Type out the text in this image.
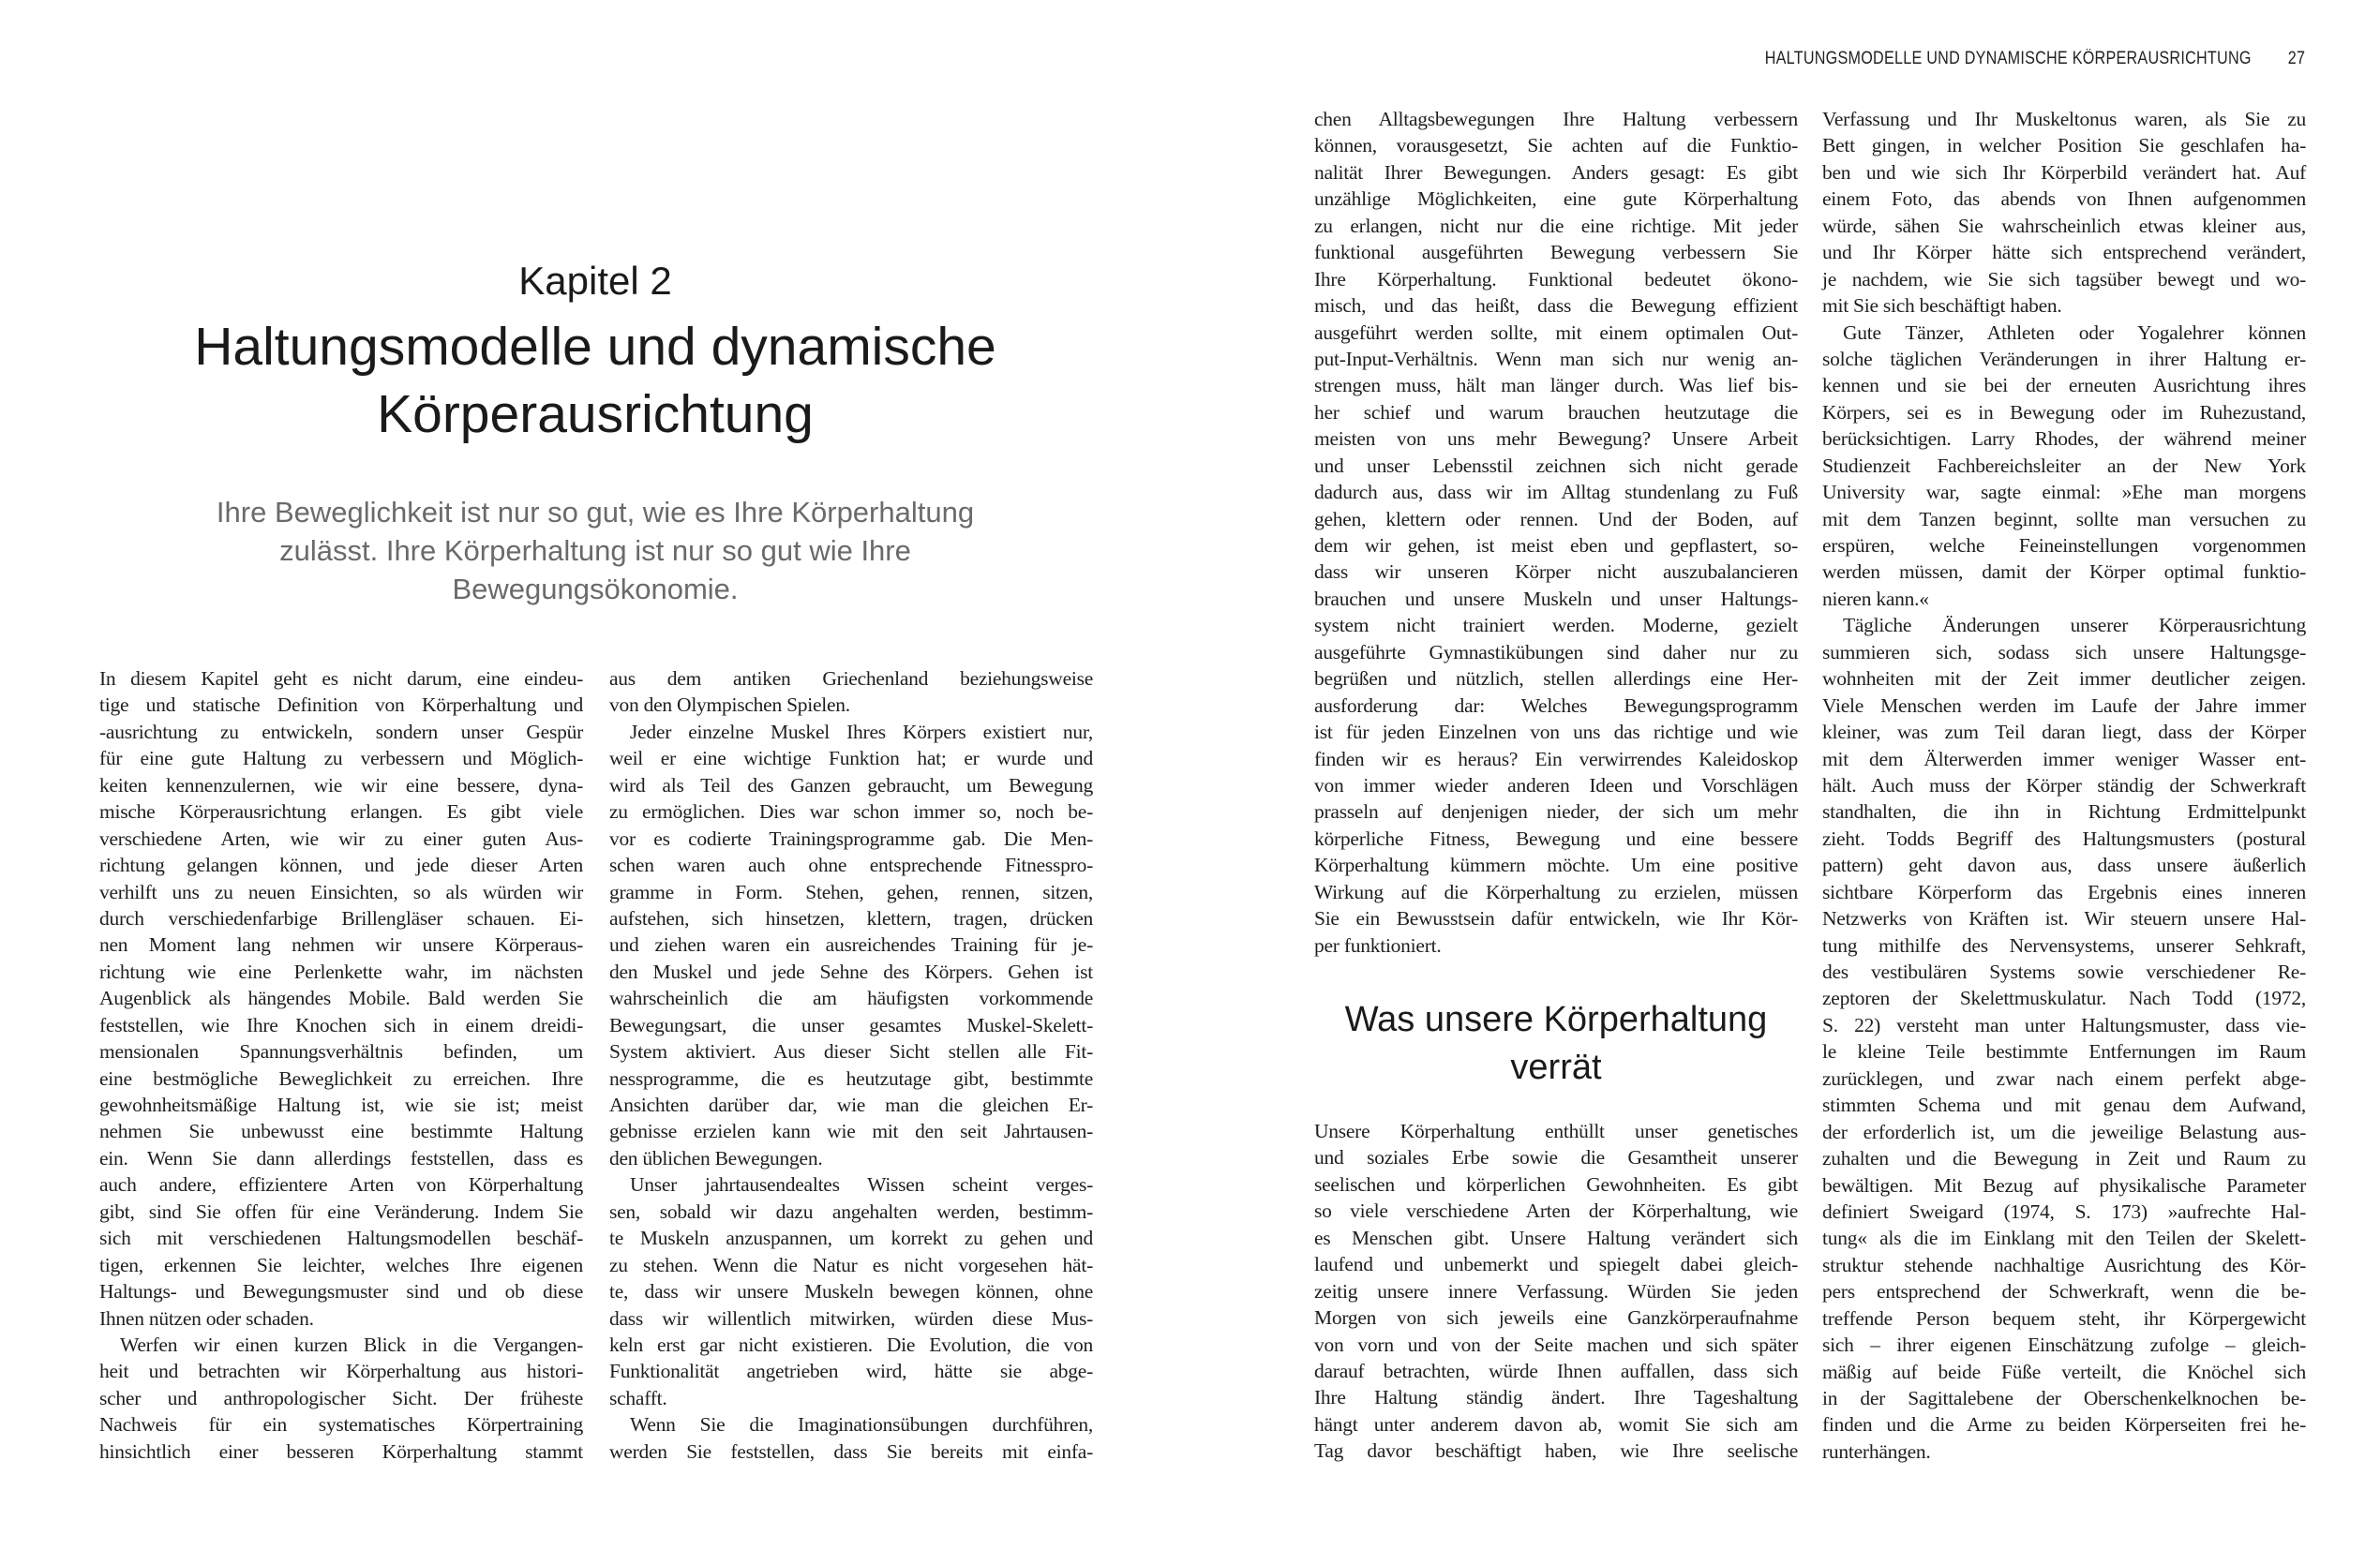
HALTUNGSMODELLE UND DYNAMISCHE KÖRPERAUSRICHTUNG 27
Kapitel 2
Haltungsmodelle und dynamische
Körperausrichtung
Ihre Beweglichkeit ist nur so gut, wie es Ihre Körperhaltung
zulässt. Ihre Körperhaltung ist nur so gut wie Ihre
Bewegungsökonomie.
In diesem Kapitel geht es nicht darum, eine eindeu-
tige und statische Definition von Körperhaltung und
-ausrichtung zu entwickeln, sondern unser Gespür
für eine gute Haltung zu verbessern und Möglich-
keiten kennenzulernen, wie wir eine bessere, dyna-
mische Körperausrichtung erlangen. Es gibt viele
verschiedene Arten, wie wir zu einer guten Aus-
richtung gelangen können, und jede dieser Arten
verhilft uns zu neuen Einsichten, so als würden wir
durch verschiedenfarbige Brillengläser schauen. Ei-
nen Moment lang nehmen wir unsere Körperaus-
richtung wie eine Perlenkette wahr, im nächsten
Augenblick als hängendes Mobile. Bald werden Sie
feststellen, wie Ihre Knochen sich in einem dreidi-
mensionalen Spannungsverhältnis befinden, um
eine bestmögliche Beweglichkeit zu erreichen. Ihre
gewohnheitsmäßige Haltung ist, wie sie ist; meist
nehmen Sie unbewusst eine bestimmte Haltung
ein. Wenn Sie dann allerdings feststellen, dass es
auch andere, effizientere Arten von Körperhaltung
gibt, sind Sie offen für eine Veränderung. Indem Sie
sich mit verschiedenen Haltungsmodellen beschäf-
tigen, erkennen Sie leichter, welches Ihre eigenen
Haltungs- und Bewegungsmuster sind und ob diese
Ihnen nützen oder schaden.
Werfen wir einen kurzen Blick in die Vergangen-
heit und betrachten wir Körperhaltung aus histori-
scher und anthropologischer Sicht. Der früheste
Nachweis für ein systematisches Körpertraining
hinsichtlich einer besseren Körperhaltung stammt
aus dem antiken Griechenland beziehungsweise
von den Olympischen Spielen.
Jeder einzelne Muskel Ihres Körpers existiert nur,
weil er eine wichtige Funktion hat; er wurde und
wird als Teil des Ganzen gebraucht, um Bewegung
zu ermöglichen. Dies war schon immer so, noch be-
vor es codierte Trainingsprogramme gab. Die Men-
schen waren auch ohne entsprechende Fitnesspro-
gramme in Form. Stehen, gehen, rennen, sitzen,
aufstehen, sich hinsetzen, klettern, tragen, drücken
und ziehen waren ein ausreichendes Training für je-
den Muskel und jede Sehne des Körpers. Gehen ist
wahrscheinlich die am häufigsten vorkommende
Bewegungsart, die unser gesamtes Muskel-Skelett-
System aktiviert. Aus dieser Sicht stellen alle Fit-
nessprogramme, die es heutzutage gibt, bestimmte
Ansichten darüber dar, wie man die gleichen Er-
gebnisse erzielen kann wie mit den seit Jahrtausen-
den üblichen Bewegungen.
Unser jahrtausendealtes Wissen scheint verges-
sen, sobald wir dazu angehalten werden, bestimm-
te Muskeln anzuspannen, um korrekt zu gehen und
zu stehen. Wenn die Natur es nicht vorgesehen hät-
te, dass wir unsere Muskeln bewegen können, ohne
dass wir willentlich mitwirken, würden diese Mus-
keln erst gar nicht existieren. Die Evolution, die von
Funktionalität angetrieben wird, hätte sie abge-
schafft.
Wenn Sie die Imaginationsübungen durchführen,
werden Sie feststellen, dass Sie bereits mit einfa-
chen Alltagsbewegungen Ihre Haltung verbessern
können, vorausgesetzt, Sie achten auf die Funktio-
nalität Ihrer Bewegungen. Anders gesagt: Es gibt
unzählige Möglichkeiten, eine gute Körperhaltung
zu erlangen, nicht nur die eine richtige. Mit jeder
funktional ausgeführten Bewegung verbessern Sie
Ihre Körperhaltung. Funktional bedeutet ökono-
misch, und das heißt, dass die Bewegung effizient
ausgeführt werden sollte, mit einem optimalen Out-
put-Input-Verhältnis. Wenn man sich nur wenig an-
strengen muss, hält man länger durch. Was lief bis-
her schief und warum brauchen heutzutage die
meisten von uns mehr Bewegung? Unsere Arbeit
und unser Lebensstil zeichnen sich nicht gerade
dadurch aus, dass wir im Alltag stundenlang zu Fuß
gehen, klettern oder rennen. Und der Boden, auf
dem wir gehen, ist meist eben und gepflastert, so-
dass wir unseren Körper nicht auszubalancieren
brauchen und unsere Muskeln und unser Haltungs-
system nicht trainiert werden. Moderne, gezielt
ausgeführte Gymnastikübungen sind daher nur zu
begrüßen und nützlich, stellen allerdings eine Her-
ausforderung dar: Welches Bewegungsprogramm
ist für jeden Einzelnen von uns das richtige und wie
finden wir es heraus? Ein verwirrendes Kaleidoskop
von immer wieder anderen Ideen und Vorschlägen
prasseln auf denjenigen nieder, der sich um mehr
körperliche Fitness, Bewegung und eine bessere
Körperhaltung kümmern möchte. Um eine positive
Wirkung auf die Körperhaltung zu erzielen, müssen
Sie ein Bewusstsein dafür entwickeln, wie Ihr Kör-
per funktioniert.
Was unsere Körperhaltung
verrät
Unsere Körperhaltung enthüllt unser genetisches
und soziales Erbe sowie die Gesamtheit unserer
seelischen und körperlichen Gewohnheiten. Es gibt
so viele verschiedene Arten der Körperhaltung, wie
es Menschen gibt. Unsere Haltung verändert sich
laufend und unbemerkt und spiegelt dabei gleich-
zeitig unsere innere Verfassung. Würden Sie jeden
Morgen von sich jeweils eine Ganzkörperaufnahme
von vorn und von der Seite machen und sich später
darauf betrachten, würde Ihnen auffallen, dass sich
Ihre Haltung ständig ändert. Ihre Tageshaltung
hängt unter anderem davon ab, womit Sie sich am
Tag davor beschäftigt haben, wie Ihre seelische
Verfassung und Ihr Muskeltonus waren, als Sie zu
Bett gingen, in welcher Position Sie geschlafen ha-
ben und wie sich Ihr Körperbild verändert hat. Auf
einem Foto, das abends von Ihnen aufgenommen
würde, sähen Sie wahrscheinlich etwas kleiner aus,
und Ihr Körper hätte sich entsprechend verändert,
je nachdem, wie Sie sich tagsüber bewegt und wo-
mit Sie sich beschäftigt haben.
Gute Tänzer, Athleten oder Yogalehrer können
solche täglichen Veränderungen in ihrer Haltung er-
kennen und sie bei der erneuten Ausrichtung ihres
Körpers, sei es in Bewegung oder im Ruhezustand,
berücksichtigen. Larry Rhodes, der während meiner
Studienzeit Fachbereichsleiter an der New York
University war, sagte einmal: »Ehe man morgens
mit dem Tanzen beginnt, sollte man versuchen zu
erspüren, welche Feineinstellungen vorgenommen
werden müssen, damit der Körper optimal funktio-
nieren kann.«
Tägliche Änderungen unserer Körperausrichtung
summieren sich, sodass sich unsere Haltungsge-
wohnheiten mit der Zeit immer deutlicher zeigen.
Viele Menschen werden im Laufe der Jahre immer
kleiner, was zum Teil daran liegt, dass der Körper
mit dem Älterwerden immer weniger Wasser ent-
hält. Auch muss der Körper ständig der Schwerkraft
standhalten, die ihn in Richtung Erdmittelpunkt
zieht. Todds Begriff des Haltungsmusters (postural
pattern) geht davon aus, dass unsere äußerlich
sichtbare Körperform das Ergebnis eines inneren
Netzwerks von Kräften ist. Wir steuern unsere Hal-
tung mithilfe des Nervensystems, unserer Sehkraft,
des vestibulären Systems sowie verschiedener Re-
zeptoren der Skelettmuskulatur. Nach Todd (1972,
S. 22) versteht man unter Haltungsmuster, dass vie-
le kleine Teile bestimmte Entfernungen im Raum
zurücklegen, und zwar nach einem perfekt abge-
stimmten Schema und mit genau dem Aufwand,
der erforderlich ist, um die jeweilige Belastung aus-
zuhalten und die Bewegung in Zeit und Raum zu
bewältigen. Mit Bezug auf physikalische Parameter
definiert Sweigard (1974, S. 173) »aufrechte Hal-
tung« als die im Einklang mit den Teilen der Skelett-
struktur stehende nachhaltige Ausrichtung des Kör-
pers entsprechend der Schwerkraft, wenn die be-
treffende Person bequem steht, ihr Körpergewicht
sich – ihrer eigenen Einschätzung zufolge – gleich-
mäßig auf beide Füße verteilt, die Knöchel sich
in der Sagittalebene der Oberschenkelknochen be-
finden und die Arme zu beiden Körperseiten frei he-
runterhängen.
